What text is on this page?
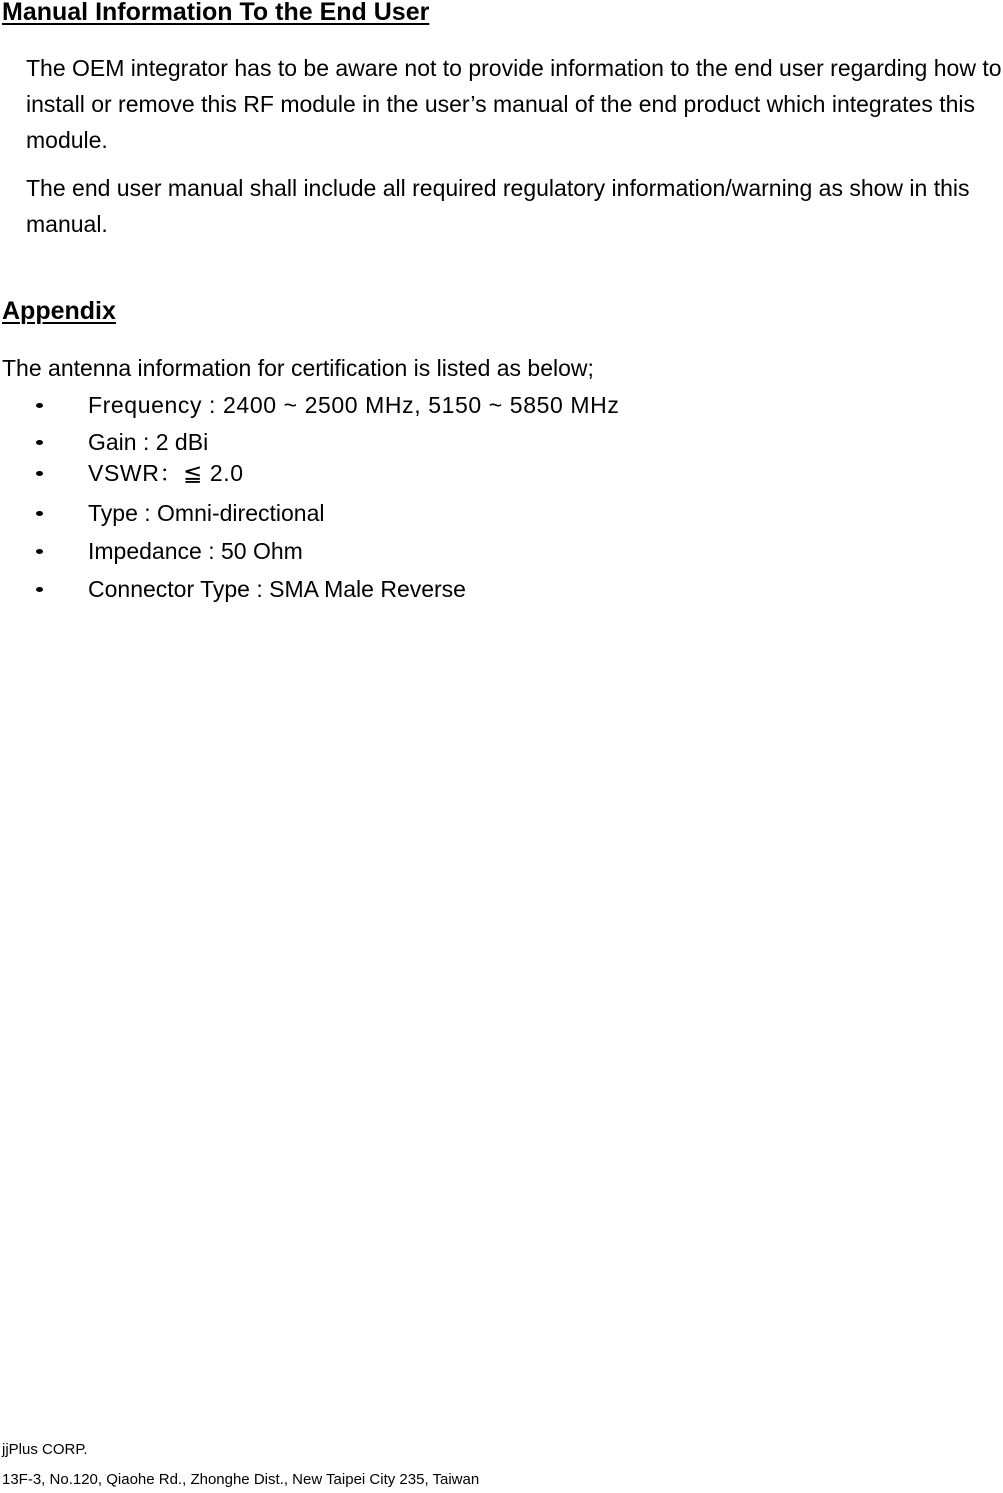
Manual Information To the End User

The OEM integrator has to be aware not to provide information to the end user regarding how to install or remove this RF module in the user’s manual of the end product which integrates this module.

The end user manual shall include all required regulatory information/warning as show in this manual.

Appendix

The antenna information for certification is listed as below;

Frequency : 2400 ~ 2500 MHz, 5150 ~ 5850 MHz
Gain : 2 dBi
VSWR：≦ 2.0
Type : Omni-directional
Impedance : 50 Ohm
Connector Type : SMA Male Reverse

jjPlus CORP.

13F-3, No.120, Qiaohe Rd., Zhonghe Dist., New Taipei City 235, Taiwan
